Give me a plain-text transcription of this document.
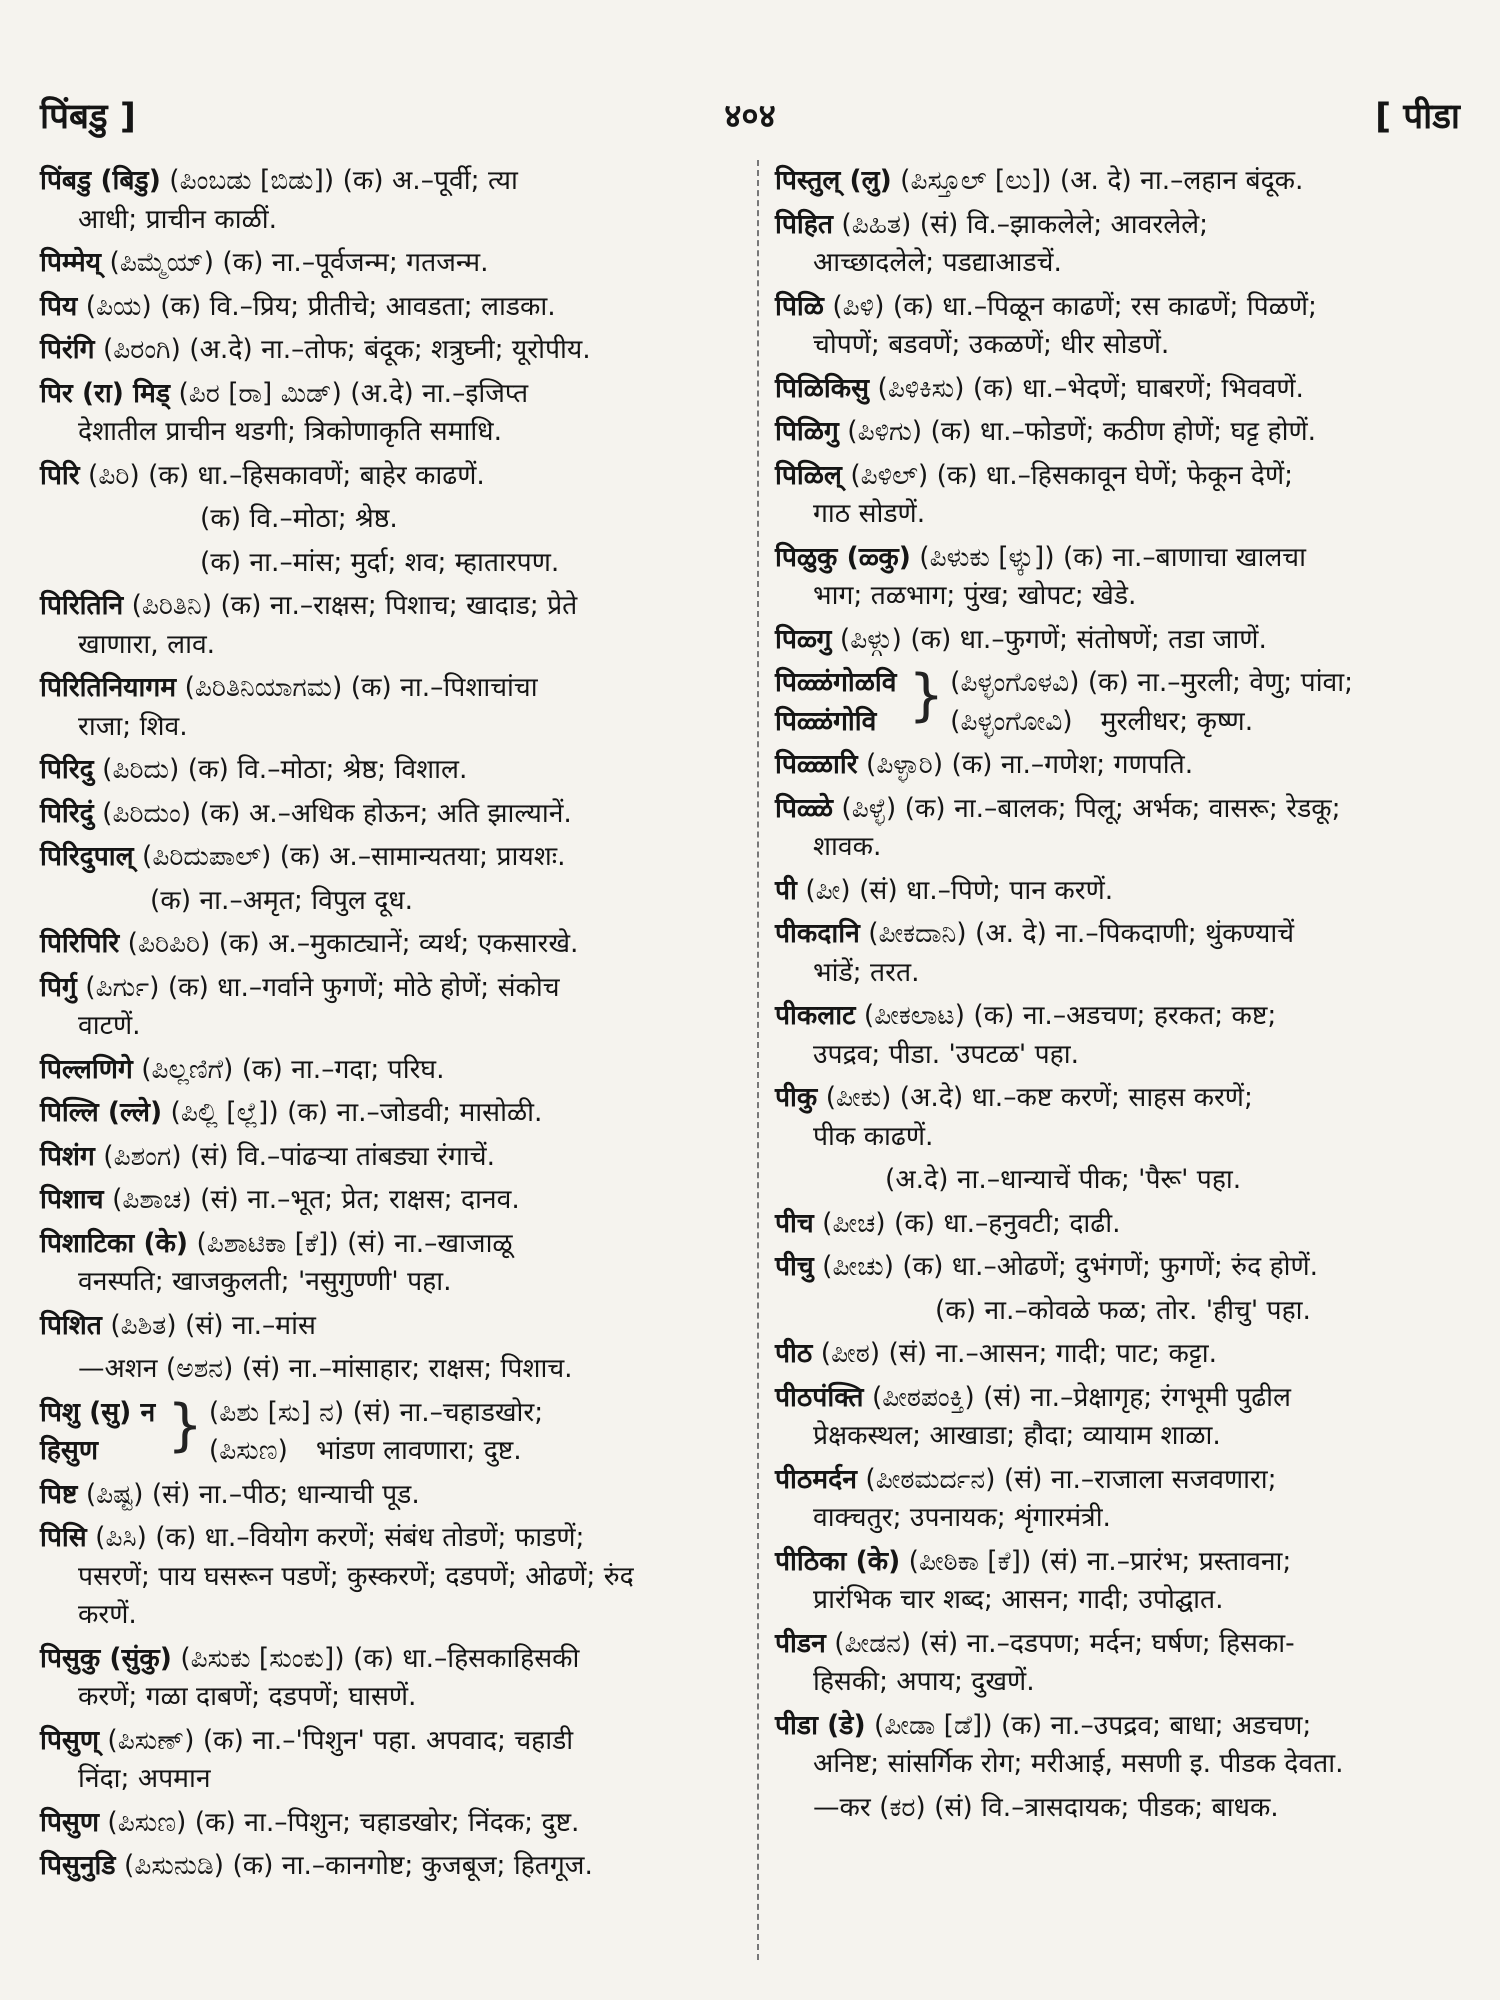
पिंबडु ]	४०४	[ पीडा
पिंबडु (बिडु) (ಪಿಂಬಡು [ಬಿಡು]) (क) अ.–पूर्वी; त्या
आधी; प्राचीन काळीं.
पिम्मेय् (ಪಿಮ್ಮೆಯ್) (क) ना.–पूर्वजन्म; गतजन्म.
पिय (ಪಿಯ) (क) वि.–प्रिय; प्रीतीचे; आवडता; लाडका.
पिरंगि (ಪಿರಂಗಿ) (अ.दे) ना.–तोफ; बंदूक; शत्रुघ्नी; यूरोपीय.
पिर (रा) मिड् (ಪಿರ [ರಾ] ಮಿಡ್) (अ.दे) ना.–इजिप्त
देशातील प्राचीन थडगी; त्रिकोणाकृति समाधि.
पिरि (ಪಿರಿ) (क) धा.–हिसकावणें; बाहेर काढणें.
(क) वि.–मोठा; श्रेष्ठ.
(क) ना.–मांस; मुर्दा; शव; म्हातारपण.
पिरितिनि (ಪಿರಿತಿನಿ) (क) ना.–राक्षस; पिशाच; खादाड; प्रेते
खाणारा, लाव.
पिरितिनियागम (ಪಿರಿತಿನಿಯಾಗಮ) (क) ना.–पिशाचांचा
राजा; शिव.
पिरिदु (ಪಿರಿದು) (क) वि.–मोठा; श्रेष्ठ; विशाल.
पिरिदुं (ಪಿರಿದುಂ) (क) अ.–अधिक होऊन; अति झाल्यानें.
पिरिदुपाल् (ಪಿರಿದುಪಾಲ್) (क) अ.–सामान्यतया; प्रायशः.
(क) ना.–अमृत; विपुल दूध.
पिरिपिरि (ಪಿರಿಪಿರಿ) (क) अ.–मुकाट्यानें; व्यर्थ; एकसारखे.
पिर्गु (ಪಿರ್ಗು) (क) धा.–गर्वाने फुगणें; मोठे होणें; संकोच
वाटणें.
पिल्लणिगे (ಪಿಲ್ಲಣಿಗೆ) (क) ना.–गदा; परिघ.
पिल्लि (ल्ले) (ಪಿಲ್ಲಿ [ಲ್ಲೆ]) (क) ना.–जोडवी; मासोळी.
पिशंग (ಪಿಶಂಗ) (सं) वि.–पांढऱ्या तांबड्या रंगाचें.
पिशाच (ಪಿಶಾಚ) (सं) ना.–भूत; प्रेत; राक्षस; दानव.
पिशाटिका (के) (ಪಿಶಾಟಿಕಾ [ಕೆ]) (सं) ना.–खाजाळू
वनस्पति; खाजकुलती; 'नसुगुण्णी' पहा.
पिशित (ಪಿಶಿತ) (सं) ना.–मांस
—अशन (ಅಶನ) (सं) ना.–मांसाहार; राक्षस; पिशाच.
पिशु (सु) न
हिसुण	} (ಪಿಶು [ಸು] ನ) (सं) ना.–चहाडखोर;
(ಪಿಸುಣ) भांडण लावणारा; दुष्ट.
पिष्ट (ಪಿಷ್ಟ) (सं) ना.–पीठ; धान्याची पूड.
पिसि (ಪಿಸಿ) (क) धा.–वियोग करणें; संबंध तोडणें; फाडणें;
पसरणें; पाय घसरून पडणें; कुस्करणें; दडपणें; ओढणें; रुंद
करणें.
पिसुकु (सुंकु) (ಪಿಸುಕು [ಸುಂಕು]) (क) धा.–हिसकाहिसकी
करणें; गळा दाबणें; दडपणें; घासणें.
पिसुण् (ಪಿಸುಣ್) (क) ना.–'पिशुन' पहा. अपवाद; चहाडी
निंदा; अपमान
पिसुण (ಪಿಸುಣ) (क) ना.–पिशुन; चहाडखोर; निंदक; दुष्ट.
पिसुनुडि (ಪಿಸುನುಡಿ) (क) ना.–कानगोष्ट; कुजबूज; हितगूज.
पिस्तुल् (लु) (ಪಿಸ್ತೂಲ್ [ಲು]) (अ. दे) ना.–लहान बंदूक.
पिहित (ಪಿಹಿತ) (सं) वि.–झाकलेले; आवरलेले;
आच्छादलेले; पडद्याआडचें.
पिळि (ಪಿಳಿ) (क) धा.–पिळून काढणें; रस काढणें; पिळणें;
चोपणें; बडवणें; उकळणें; धीर सोडणें.
पिळिकिसु (ಪಿಳಿಕಿಸು) (क) धा.–भेदणें; घाबरणें; भिववणें.
पिळिगु (ಪಿಳಿಗು) (क) धा.–फोडणें; कठीण होणें; घट्ट होणें.
पिळिल् (ಪಿಳಿಲ್) (क) धा.–हिसकावून घेणें; फेकून देणें;
गाठ सोडणें.
पिळुकु (ळ्कु) (ಪಿಳುಕು [ಳ್ಕು]) (क) ना.–बाणाचा खालचा
भाग; तळभाग; पुंख; खोपट; खेडे.
पिळ्गु (ಪಿಳ್ಗು) (क) धा.–फुगणें; संतोषणें; तडा जाणें.
पिळ्ळंगोळवि
पिळ्ळंगोवि } (ಪಿಳ್ಳಂಗೊಳವಿ) (क) ना.–मुरली; वेणु; पांवा;
(ಪಿಳ್ಳಂಗೋವಿ) मुरलीधर; कृष्ण.
पिळ्ळारि (ಪಿಳ್ಳಾರಿ) (क) ना.–गणेश; गणपति.
पिळ्ळे (ಪಿಳ್ಳೆ) (क) ना.–बालक; पिलू; अर्भक; वासरू; रेडकू;
शावक.
पी (ಪೀ) (सं) धा.–पिणे; पान करणें.
पीकदानि (ಪೀಕದಾನಿ) (अ. दे) ना.–पिकदाणी; थुंकण्याचें
भांडें; तरत.
पीकलाट (ಪೀಕಲಾಟ) (क) ना.–अडचण; हरकत; कष्ट;
उपद्रव; पीडा. 'उपटळ' पहा.
पीकु (ಪೀಕು) (अ.दे) धा.–कष्ट करणें; साहस करणें;
पीक काढणें.
(अ.दे) ना.–धान्याचें पीक; 'पैरू' पहा.
पीच (ಪೀಚ) (क) धा.–हनुवटी; दाढी.
पीचु (ಪೀಚು) (क) धा.–ओढणें; दुभंगणें; फुगणें; रुंद होणें.
(क) ना.–कोवळे फळ; तोर. 'हीचु' पहा.
पीठ (ಪೀಠ) (सं) ना.–आसन; गादी; पाट; कट्टा.
पीठपंक्ति (ಪೀಠಪಂಕ್ತಿ) (सं) ना.–प्रेक्षागृह; रंगभूमी पुढील
प्रेक्षकस्थल; आखाडा; हौदा; व्यायाम शाळा.
पीठमर्दन (ಪೀಠಮರ್ದನ) (सं) ना.–राजाला सजवणारा;
वाक्चतुर; उपनायक; शृंगारमंत्री.
पीठिका (के) (ಪೀಠಿಕಾ [ಕೆ]) (सं) ना.–प्रारंभ; प्रस्तावना;
प्रारंभिक चार शब्द; आसन; गादी; उपोद्घात.
पीडन (ಪೀಡನ) (सं) ना.–दडपण; मर्दन; घर्षण; हिसका-
हिसकी; अपाय; दुखणें.
पीडा (डे) (ಪೀಡಾ [ಡೆ]) (क) ना.–उपद्रव; बाधा; अडचण;
अनिष्ट; सांसर्गिक रोग; मरीआई, मसणी इ. पीडक देवता.
—कर (ಕರ) (सं) वि.–त्रासदायक; पीडक; बाधक.
